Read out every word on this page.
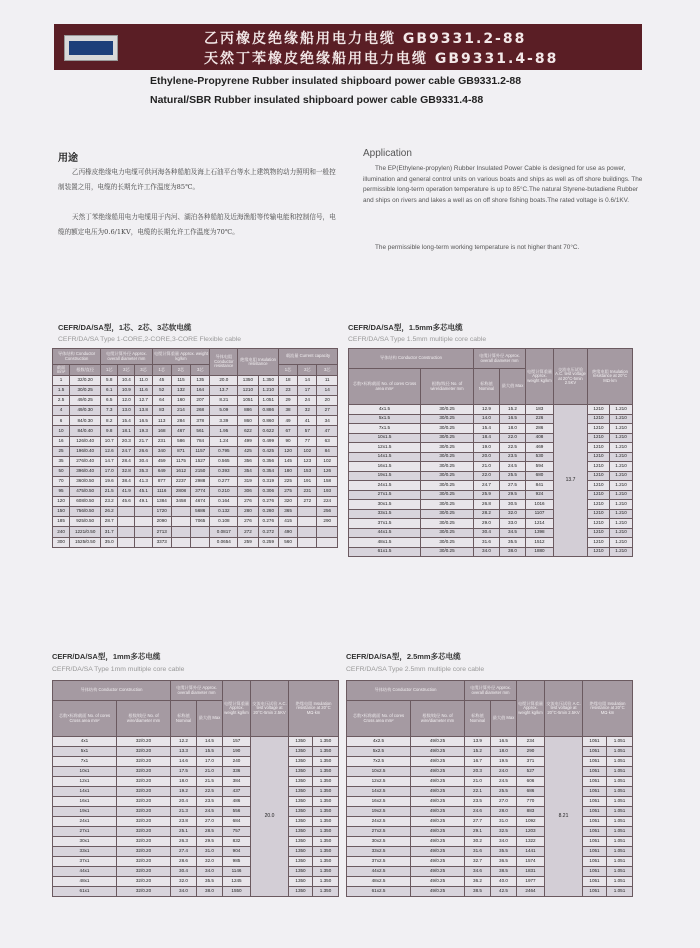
乙丙橡皮绝缘船用电力电缆 GB9331.2-88
天然丁苯橡皮绝缘船用电力电缆 GB9331.4-88
Ethylene-Propyrene Rubber insulated shipboard power cable GB9331.2-88
Natural/SBR Rubber insulated shipboard power cable GB9331.4-88
用途
乙丙橡皮绝缘电力电缆可供河海各种船舶及海上石油平台等水上建筑物的动力照明和一般控制装置之用，电缆的长期允许工作温度为85℃。
天然丁苯绝缘船用电力电缆用于内河、湖泊各种船舶及近海渔船等传输电能和控制信号，电缆的额定电压为0.6/1KV，电缆的长期允许工作温度为70℃。
Application
The EP(Ethylene-propylen) Rubber Insulated Power Cable is designed for use as power, illumination and general control units on various boats and ships as well as off shore buildings. The permissible long-term operation temperature is up to 85°C.The natural Styrene-butadiene Rubber and ships on rivers and lakes a well as on off shore fishing boats.The rated voltage is 0.6/1KV.
The permissible long-term working temperature is not higher thant 70°C.
CEFR/DA/SA型，1芯、2芯、3芯软电缆
CEFR/DA/SA Type 1-CORE,2-CORE,3-CORE Flexible cable
导体结构 Conductor Construction		电缆计算外径 Approx. overall diameter mm			电缆计算重量 Approx. weight kg/km			导体电阻 Conductor resistance	绝缘电阻 Insulation resistance		载流量 Current capacity		
截面 mm²	根数/直径	1芯	2芯	3芯	1芯	2芯	3芯				1芯	2芯	3芯
1	32/0.20	5.8	10.4	11.0	45	115	135	20.0	1350	1.350	18	14	11
1.5	30/0.25	6.1	10.9	11.6	52	132	164	13.7	1210	1.210	23	17	14
2.5	49/0.25	6.5	12.0	12.7	64	160	207	8.21	1051	1.051	29	24	20
4	49/0.30	7.3	13.0	13.8	83	214	268	5.09	886	0.886	38	32	27
6	84/0.30	8.2	15.4	16.5	113	284	378	3.39	860	0.860	49	41	34
10	84/0.40	9.8	18.1	19.3	168	467	561	1.95	622	0.622	67	57	47
16	126/0.40	10.7	20.3	21.7	231	586	784	1.24	499	0.499	90	77	63
25	196/0.40	12.6	24.7	26.6	340	871	1157	0.795	425	0.425	120	102	84
35	276/0.40	14.7	28.4	30.4	459	1175	1527	0.565	356	0.356	145	123	102
50	396/0.40	17.0	32.8	35.3	649	1612	2150	0.393	354	0.354	180	153	126
70	360/0.50	19.6	38.4	41.3	877	2237	2988	0.277	319	0.319	225	191	158
95	475/0.50	21.5	41.9	45.1	1116	2808	3774	0.210	306	0.306	275	231	193
120	608/0.50	23.2	45.6	49.1	1384	3458	4674	0.164	276	0.276	320	272	224
150	756/0.50	26.2			1720		5686	0.132	280	0.280	365		256
185	925/0.50	28.7			2090		7065	0.108	276	0.276	415		290
240	1221/0.50	31.7			2713			0.0817	272	0.272	490		
300	1525/0.50	35.0			3373			0.0654	259	0.259	560		
CEFR/DA/SA型，1.5mm多芯电缆
CEFR/DA/SA Type 1.5mm multiple core cable
导体结构 Conductor Construction		电缆计算外径 Approx. overall diameter mm		电缆计算重量 Approx. weight kg/km	交流电压试验 A.C. test voltage at 20°C-5min 2.5KV	绝缘电阻 Insulation resistance at 20°C MΩ·km	
芯数×标称截面 No. of cores Cross area mm²	根数/线径 No. of wire/diameter mm	标称值 Nominal	最大值 Max				
4x1.5	30/0.25	12.9	15.2	183	13.7	1210	1.210
5x1.5	30/0.25	14.0	16.5	226		1210	1.210
7x1.5	30/0.25	15.4	18.0	286		1210	1.210
10x1.5	30/0.25	18.4	22.0	408		1210	1.210
12x1.5	30/0.25	19.0	22.5	469		1210	1.210
14x1.5	30/0.25	20.0	23.5	530		1210	1.210
16x1.5	30/0.25	21.0	24.5	594		1210	1.210
19x1.5	30/0.25	22.0	25.5	680		1210	1.210
24x1.5	30/0.25	24.7	27.5	841		1210	1.210
27x1.5	30/0.25	25.9	29.5	924		1210	1.210
30x1.5	30/0.25	26.8	30.5	1016		1210	1.210
33x1.5	30/0.25	28.2	32.0	1107		1210	1.210
37x1.5	30/0.25	29.0	33.0	1214		1210	1.210
44x1.5	30/0.25	30.4	34.5	1398		1210	1.210
48x1.5	30/0.25	31.6	35.5	1512		1210	1.210
61x1.5	30/0.25	34.0	38.0	1880		1210	1.210
CEFR/DA/SA型，1mm多芯电缆
CEFR/DA/SA Type 1mm multiple core cable
导体结构 Conductor Construction		电缆计算外径 Approx. overall diameter mm		电缆计算重量 Approx. weight kg/km	交流电压试验 A.C. test voltage at 20°C-5min 2.5KV	绝缘电阻 Insulation resistance at 20°C MΩ·km	
芯数×标称截面 No. of cores Cross area mm²	根数/线径 No. of wire/diameter mm	标称值 Nominal	最大值 Max				
4x1	32/0.20	12.2	14.5	157	20.0	1350	1.350
5x1	32/0.20	13.3	15.5	190		1350	1.350
7x1	32/0.20	14.6	17.0	240		1350	1.350
10x1	32/0.20	17.5	21.0	336		1350	1.350
12x1	32/0.20	18.0	21.5	384		1350	1.350
14x1	32/0.20	19.2	22.5	437		1350	1.350
16x1	32/0.20	20.4	23.5	486		1350	1.350
19x1	32/0.20	21.3	24.5	556		1350	1.350
24x1	32/0.20	23.8	27.0	684		1350	1.350
27x1	32/0.20	25.1	28.5	757		1350	1.350
30x1	32/0.20	26.3	29.5	832		1350	1.350
33x1	32/0.20	27.4	31.0	904		1350	1.350
37x1	32/0.20	28.6	32.0	985		1350	1.350
44x1	32/0.20	30.4	34.0	1146		1350	1.350
48x1	32/0.20	32.0	35.5	1245		1350	1.350
61x1	32/0.20	34.0	38.0	1550		1350	1.350
CEFR/DA/SA型，2.5mm多芯电缆
CEFR/DA/SA Type 2.5mm multiple core cable
导体结构 Conductor Construction		电缆计算外径 Approx. overall diameter mm		电缆计算重量 Approx. weight kg/km	交流电压试验 A.C. test voltage at 20°C-5min 2.5KV	绝缘电阻 Insulation resistance at 20°C MΩ·km	
芯数×标称截面 No. of cores Cross area mm²	根数/线径 No. of wire/diameter mm	标称值 Nominal	最大值 Max				
4x2.5	49/0.25	13.9	16.5	234	8.21	1051	1.051
5x2.5	49/0.25	15.2	18.0	290		1051	1.051
7x2.5	49/0.25	16.7	19.5	371		1051	1.051
10x2.5	49/0.25	20.3	24.0	527		1051	1.051
12x2.5	49/0.25	21.0	24.5	606		1051	1.051
14x2.5	49/0.25	22.1	25.5	686		1051	1.051
16x2.5	49/0.25	23.5	27.0	770		1051	1.051
19x2.5	49/0.25	24.6	28.0	883		1051	1.051
24x2.5	49/0.25	27.7	31.0	1092		1051	1.051
27x2.5	49/0.25	29.1	32.5	1203		1051	1.051
30x2.5	49/0.25	30.2	34.0	1322		1051	1.051
33x2.5	49/0.25	31.6	35.5	1441		1051	1.051
37x2.5	49/0.25	32.7	36.5	1574		1051	1.051
44x2.5	49/0.25	34.6	38.5	1831		1051	1.051
48x2.5	49/0.25	36.2	40.0	1977		1051	1.051
61x2.5	49/0.25	38.5	42.5	2464		1051	1.051
